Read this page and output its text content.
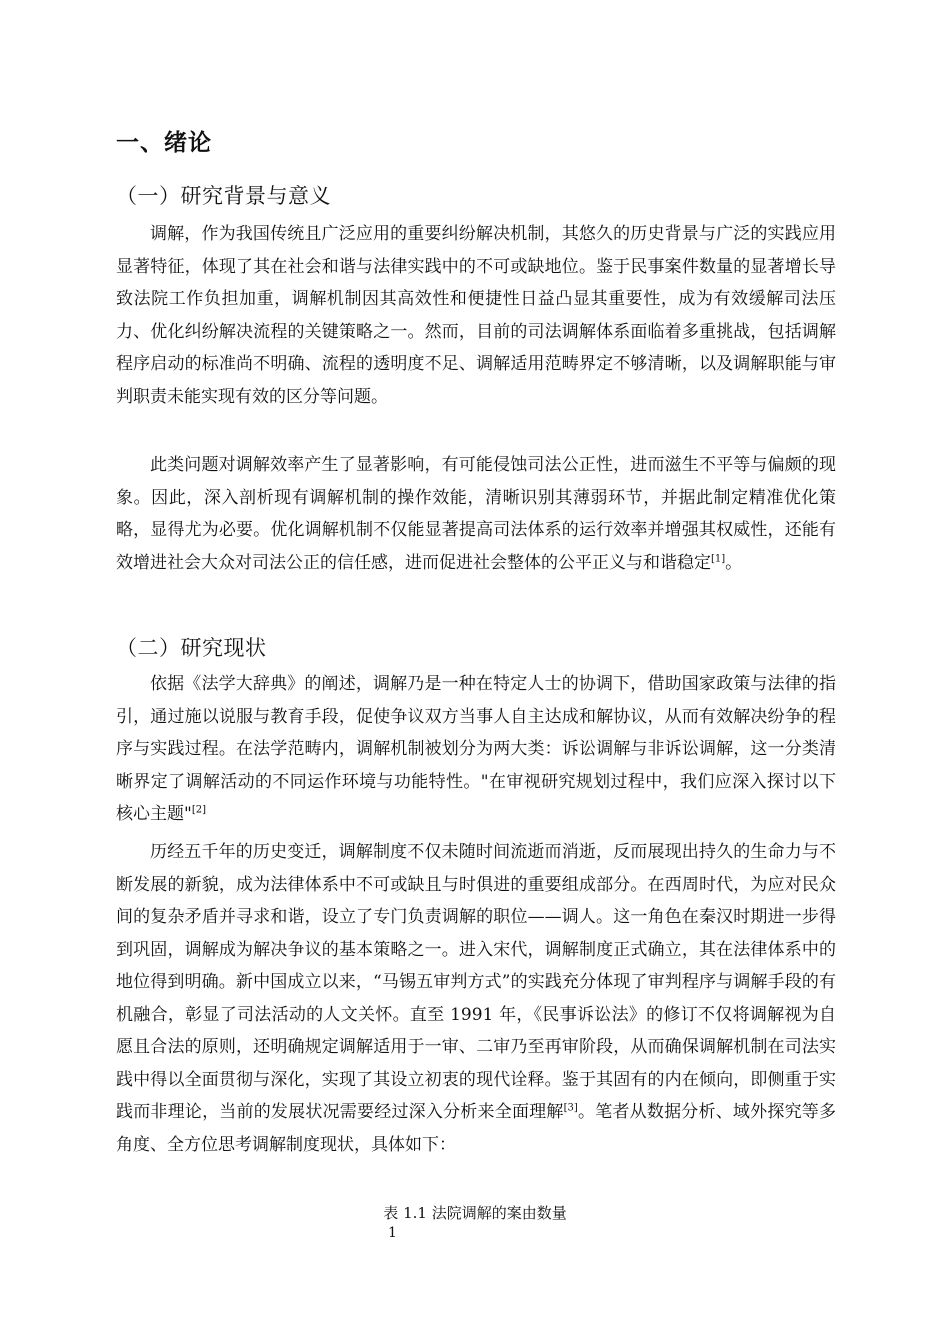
一、绪论
（一）研究背景与意义

调解，作为我国传统且广泛应用的重要纠纷解决机制，其悠久的历史背景与广泛的实践应用显著特征，体现了其在社会和谐与法律实践中的不可或缺地位。鉴于民事案件数量的显著增长导致法院工作负担加重，调解机制因其高效性和便捷性日益凸显其重要性，成为有效缓解司法压力、优化纠纷解决流程的关键策略之一。然而，目前的司法调解体系面临着多重挑战，包括调解程序启动的标准尚不明确、流程的透明度不足、调解适用范畴界定不够清晰，以及调解职能与审判职责未能实现有效的区分等问题。

此类问题对调解效率产生了显著影响，有可能侵蚀司法公正性，进而滋生不平等与偏颇的现象。因此，深入剖析现有调解机制的操作效能，清晰识别其薄弱环节，并据此制定精准优化策略，显得尤为必要。优化调解机制不仅能显著提高司法体系的运行效率并增强其权威性，还能有效增进社会大众对司法公正的信任感，进而促进社会整体的公平正义与和谐稳定[1]。

（二）研究现状

依据《法学大辞典》的阐述，调解乃是一种在特定人士的协调下，借助国家政策与法律的指引，通过施以说服与教育手段，促使争议双方当事人自主达成和解协议，从而有效解决纷争的程序与实践过程。在法学范畴内，调解机制被划分为两大类：诉讼调解与非诉讼调解，这一分类清晰界定了调解活动的不同运作环境与功能特性。"在审视研究规划过程中，我们应深入探讨以下核心主题"[2]

历经五千年的历史变迁，调解制度不仅未随时间流逝而消逝，反而展现出持久的生命力与不断发展的新貌，成为法律体系中不可或缺且与时俱进的重要组成部分。在西周时代，为应对民众间的复杂矛盾并寻求和谐，设立了专门负责调解的职位——调人。这一角色在秦汉时期进一步得到巩固，调解成为解决争议的基本策略之一。进入宋代，调解制度正式确立，其在法律体系中的地位得到明确。新中国成立以来，“马锡五审判方式”的实践充分体现了审判程序与调解手段的有机融合，彰显了司法活动的人文关怀。直至 1991 年，《民事诉讼法》的修订不仅将调解视为自愿且合法的原则，还明确规定调解适用于一审、二审乃至再审阶段，从而确保调解机制在司法实践中得以全面贯彻与深化，实现了其设立初衷的现代诠释。鉴于其固有的内在倾向，即侧重于实践而非理论，当前的发展状况需要经过深入分析来全面理解[3]。笔者从数据分析、域外探究等多角度、全方位思考调解制度现状，具体如下：

表 1.1 法院调解的案由数量

1
